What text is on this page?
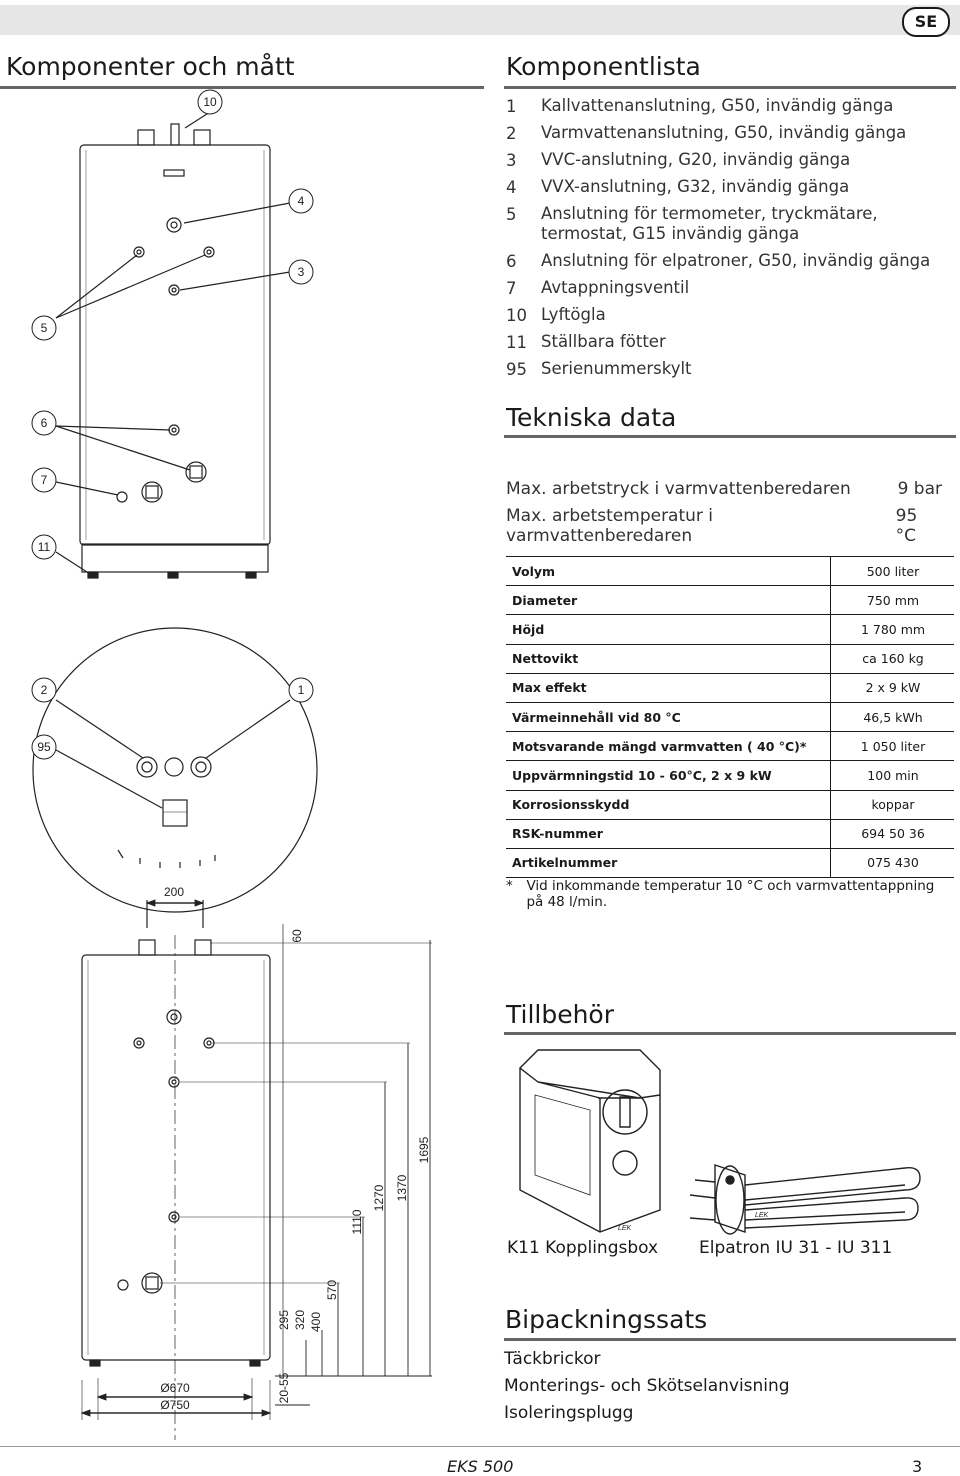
SE
Komponenter och mått	Komponentlista
1	Kallvattenanslutning, G50, invändig gänga
2	Varmvattenanslutning, G50, invändig gänga
3	VVC-anslutning, G20, invändig gänga
4	VVX-anslutning, G32, invändig gänga
5	Anslutning för termometer, tryckmätare, termostat, G15 invändig gänga
6	Anslutning för elpatroner, G50, invändig gänga
7	Avtappningsventil
10 Lyftögla
11 Ställbara fötter
95 Serienummerskylt
Tekniska data
Max. arbetstryck i varmvattenberedaren	9 bar
Max. arbetstemperatur i varmvattenberedaren
95 °C
Volym		500 liter
Diameter		750 mm
Höjd		1 780 mm
Nettovikt		ca 160 kg
Max effekt		2 x 9 kW
Värmeinnehåll vid 80 °C		46,5 kWh
Motsvarande mängd varmvatten ( 40 °C)*		1 050 liter
Uppvärmningstid 10 - 60°C, 2 x 9 kW		100 min
Korrosionsskydd		koppar
RSK-nummer		694 50 36
Artikelnummer		075 430
*	Vid inkommande temperatur 10 °C och varmvattentappning på 48 l/min.
Tillbehör
K11 Kopplingsbox Elpatron IU 31 - IU 311
Bipackningssats
Täckbrickor
Monterings- och Skötselanvisning
Isoleringsplugg
EKS 500	3
10
4
3
5
6
7
11
2	1
95
200
60
1695
1370
1270
1110
570
400
320
295
20-55
Ø670
Ø750
LEK
LEK
